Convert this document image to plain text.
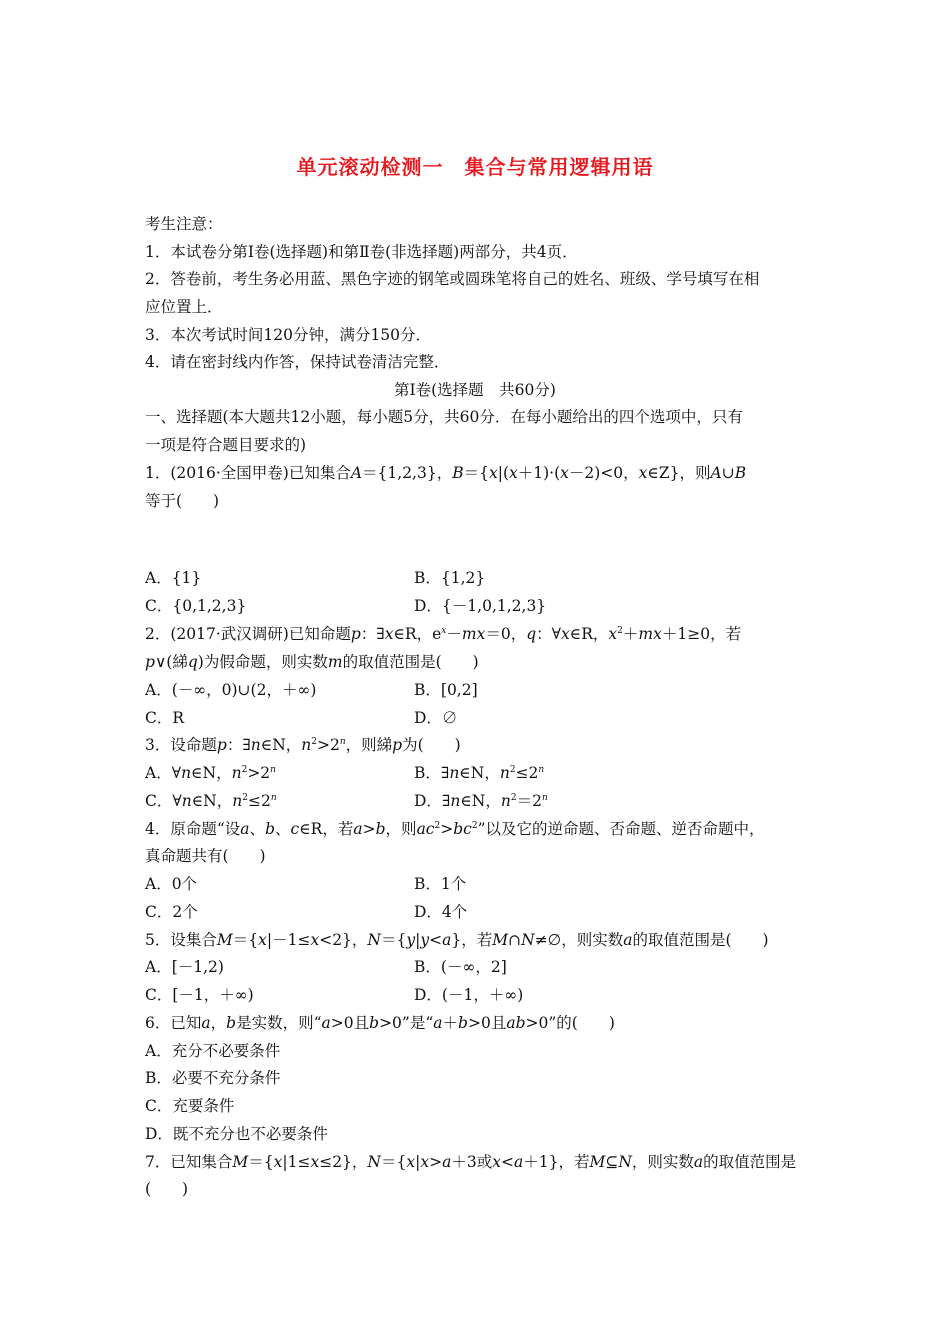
单元滚动检测一　集合与常用逻辑用语
考生注意：
1．本试卷分第Ⅰ卷(选择题)和第Ⅱ卷(非选择题)两部分，共4页．
2．答卷前，考生务必用蓝、黑色字迹的钢笔或圆珠笔将自己的姓名、班级、学号填写在相
应位置上．
3．本次考试时间120分钟，满分150分．
4．请在密封线内作答，保持试卷清洁完整．
第Ⅰ卷(选择题　共60分)
一、选择题(本大题共12小题，每小题5分，共60分．在每小题给出的四个选项中，只有
一项是符合题目要求的)
1．(2016·全国甲卷)已知集合A＝{1,2,3}，B＝{x|(x＋1)·(x－2)<0，x∈Z}，则A∪B
等于(　　)
A．{1}	B．{1,2}
C．{0,1,2,3}	D．{－1,0,1,2,3}
2．(2017·武汉调研)已知命题p：∃x∈R，$e^x-mx=0$，q：∀x∈R，$x^2+mx+1\ge 0$，若
p∨(綈q)为假命题，则实数m的取值范围是(　　)
A．(－∞，0)∪(2，＋∞)	B．[0,2]
C．R	D．∅
3．设命题p：∃n∈N，$n^2>2^n$，则綈p为(　　)
A．∀n∈N，$n^2>2^n$	B．∃n∈N，$n^2\le 2^n$
C．∀n∈N，$n^2\le 2^n$	D．∃n∈N，$n^2=2^n$
4．原命题“设a、b、c∈R，若a>b，则$ac^2>bc^2$”以及它的逆命题、否命题、逆否命题中，
真命题共有(　　)
A．0个	B．1个
C．2个	D．4个
5．设集合M＝{x|－1≤x<2}，N＝{y|y<a}，若M∩N≠∅，则实数a的取值范围是(　　)
A．[－1,2)	B．(－∞，2]
C．[－1，＋∞)	D．(－1，＋∞)
6．已知a，b是实数，则“a>0且b>0”是“a＋b>0且ab>0”的(　　)
A．充分不必要条件
B．必要不充分条件
C．充要条件
D．既不充分也不必要条件
7．已知集合M＝{x|1≤x≤2}，N＝{x|x>a＋3或x<a＋1}，若M⊆N，则实数a的取值范围是
(　　)
